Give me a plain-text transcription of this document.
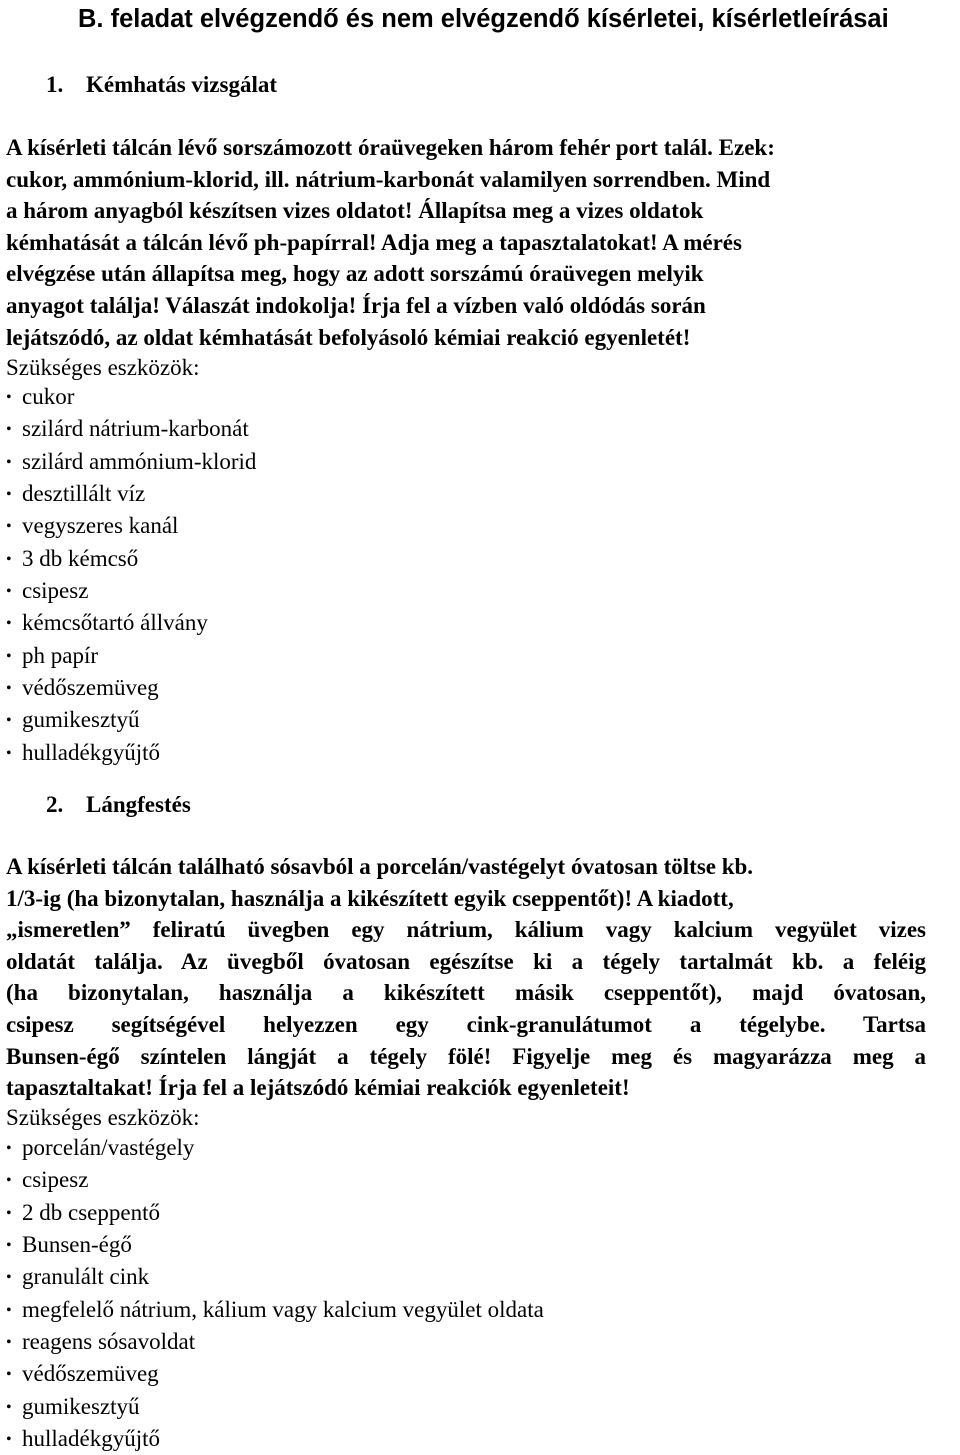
B. feladat elvégzendő és nem elvégzendő kísérletei, kísérletleírásai
1. Kémhatás vizsgálat

A kísérleti tálcán lévő sorszámozott óraüvegeken három fehér port talál. Ezek:
cukor, ammónium-klorid, ill. nátrium-karbonát valamilyen sorrendben. Mind
a három anyagból készítsen vizes oldatot! Állapítsa meg a vizes oldatok
kémhatását a tálcán lévő ph-papírral! Adja meg a tapasztalatokat! A mérés
elvégzése után állapítsa meg, hogy az adott sorszámú óraüvegen melyik
anyagot találja! Válaszát indokolja! Írja fel a vízben való oldódás során
lejátszódó, az oldat kémhatását befolyásoló kémiai reakció egyenletét!

Szükséges eszközök:

• cukor
• szilárd nátrium-karbonát
• szilárd ammónium-klorid
• desztillált víz
• vegyszeres kanál
• 3 db kémcső
• csipesz
• kémcsőtartó állvány
• ph papír
• védőszemüveg
• gumikesztyű
• hulladékgyűjtő
2. Lángfestés

A kísérleti tálcán található sósavból a porcelán/vastégelyt óvatosan töltse kb.
1/3-ig (ha bizonytalan, használja a kikészített egyik cseppentőt)! A kiadott,
„ismeretlen” feliratú üvegben egy nátrium, kálium vagy kalcium vegyület vizes
oldatát találja. Az üvegből óvatosan egészítse ki a tégely tartalmát kb. a feléig
(ha bizonytalan, használja a kikészített másik cseppentőt), majd óvatosan,
csipesz segítségével helyezzen egy cink-granulátumot a tégelybe. Tartsa
Bunsen-égő színtelen lángját a tégely fölé! Figyelje meg és magyarázza meg a
tapasztaltakat! Írja fel a lejátszódó kémiai reakciók egyenleteit!

Szükséges eszközök:

• porcelán/vastégely
• csipesz
• 2 db cseppentő
• Bunsen-égő
• granulált cink
• megfelelő nátrium, kálium vagy kalcium vegyület oldata
• reagens sósavoldat
• védőszemüveg
• gumikesztyű
• hulladékgyűjtő
